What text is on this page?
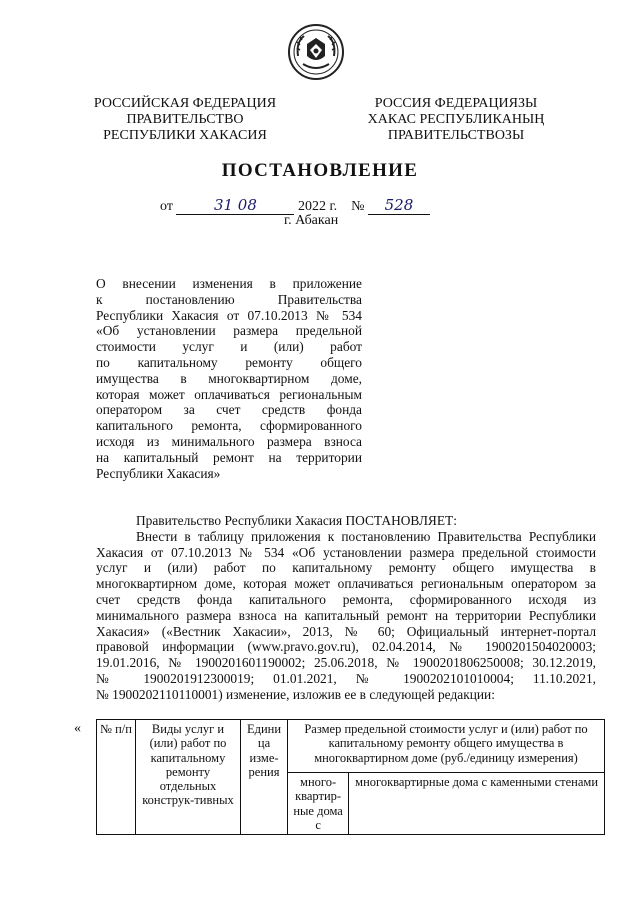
РОССИЙСКАЯ ФЕДЕРАЦИЯ
ПРАВИТЕЛЬСТВО
РЕСПУБЛИКИ ХАКАСИЯ
РОССИЯ ФЕДЕРАЦИЯЗЫ
ХАКАС РЕСПУБЛИКАНЫҢ
ПРАВИТЕЛЬСТВОЗЫ
ПОСТАНОВЛЕНИЕ
от	31 08	2022 г. № 528
г. Абакан
О внесении изменения в приложение
к постановлению Правительства
Республики Хакасия от 07.10.2013 № 534
«Об установлении размера предельной
стоимости услуг и (или) работ
по капитальному ремонту общего
имущества в многоквартирном доме,
которая может оплачиваться региональным
оператором за счет средств фонда
капитального ремонта, сформированного
исходя из минимального размера взноса
на капитальный ремонт на территории
Республики Хакасия»
Правительство Республики Хакасия ПОСТАНОВЛЯЕТ:
Внести в таблицу приложения к постановлению Правительства Республики
Хакасия от 07.10.2013 № 534 «Об установлении размера предельной стоимости
услуг и (или) работ по капитальному ремонту общего имущества в
многоквартирном доме, которая может оплачиваться региональным оператором за
счет средств фонда капитального ремонта, сформированного исходя из
минимального размера взноса на капитальный ремонт на территории Республики
Хакасия» («Вестник Хакасии», 2013, № 60; Официальный интернет-портал
правовой информации (www.pravo.gov.ru), 02.04.2014, № 1900201504020003;
19.01.2016, № 1900201601190002; 25.06.2018, № 1900201806250008; 30.12.2019,
№ 1900201912300019; 01.01.2021, № 1900202101010004; 11.10.2021,
№ 1900202110110001) изменение, изложив ее в следующей редакции:
« № п/п	Виды услуг и (или) работ по капитальному ремонту отдельных конструк-тивных	Едини ца изме-рения	Размер предельной стоимости услуг и (или) работ по капитальному ремонту общего имущества в многоквартирном доме (руб./единицу измерения)	
			много-квартир-ные дома с	многоквартирные дома с каменными стенами
